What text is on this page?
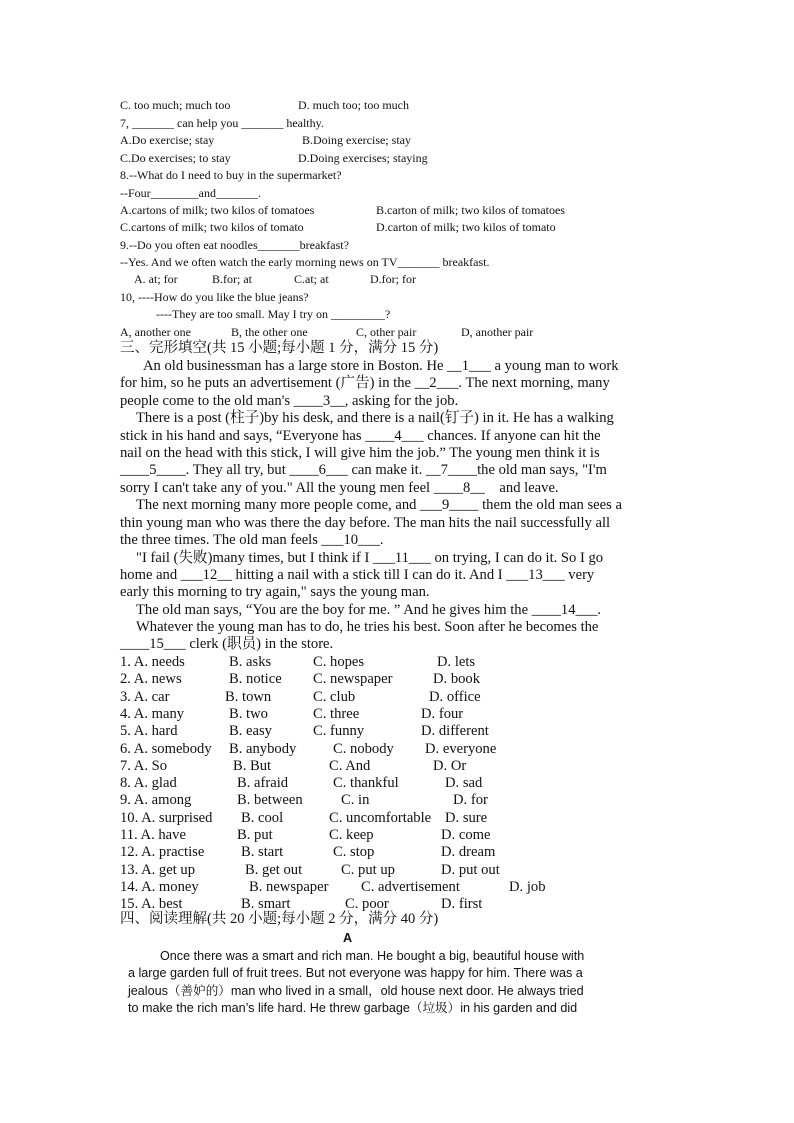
C. too much; much too	D. much too; too much
7, _______ can help you _______ healthy.
A.Do exercise; stay	B.Doing exercise; stay
C.Do exercises; to stay	D.Doing exercises; staying
8.--What do I need to buy in the supermarket?
--Four________and_______.
A.cartons of milk; two kilos of tomatoes	B.carton of milk; two kilos of tomatoes
C.cartons of milk; two kilos of tomato	D.carton of milk; two kilos of tomato
9.--Do you often eat noodles_______breakfast?
--Yes. And we often watch the early morning news on TV_______ breakfast.
A. at; for	B.for; at	C.at; at	D.for; for
10, ----How do you like the blue jeans?
----They are too small. May I try on _________?
A, another one	B, the other one	C, other pair	D, another pair
三、完形填空(共 15 小题;每小题 1 分，满分 15 分)
An old businessman has a large store in Boston. He __1___ a young man to work
for him, so he puts an advertisement (广告) in the __2___. The next morning, many
people come to the old man's ____3__, asking for the job.
There is a post (柱子)by his desk, and there is a nail(钉子) in it. He has a walking
stick in his hand and says, “Everyone has ____4___ chances. If anyone can hit the
nail on the head with this stick, I will give him the job.” The young men think it is
____5____. They all try, but ____6___ can make it. __7____the old man says, "I'm
sorry I can't take any of you." All the young men feel ____8__    and leave.
The next morning many more people come, and ___9____ them the old man sees a
thin young man who was there the day before. The man hits the nail successfully all
the three times. The old man feels ___10___.
"I fail (失败)many times, but I think if I ___11___ on trying, I can do it. So I go
home and ___12__ hitting a nail with a stick till I can do it. And I ___13___ very
early this morning to try again," says the young man.
The old man says, “You are the boy for me. ” And he gives him the ____14___.
Whatever the young man has to do, he tries his best. Soon after he becomes the
____15___ clerk (职员) in the store.
1. A. needs	B. asks	C. hopes	D. lets
2. A. news	B. notice C. newspaper	D. book
3. A. car	B. town	C. club	D. office
4. A. many	B. two	C. three	D. four
5. A. hard	B. easy	C. funny	D. different
6. A. somebody B. anybody	C. nobody D. everyone
7. A. So	B. But	C. And	D. Or
8. A. glad	B. afraid	C. thankful	D. sad
9. A. among	B. between	C. in	D. for
10. A. surprised B. cool	C. uncomfortable D. sure
11. A. have	B. put	C. keep	D. come
12. A. practise	B. start	C. stop	D. dream
13. A. get up	B. get out	C. put up	D. put out
14. A. money	B. newspaper C. advertisement	D. job
15. A. best	B. smart	C. poor	D. first
四、阅读理解(共 20 小题;每小题 2 分，满分 40 分)
A
Once there was a smart and rich man. He bought a big, beautiful house with
a large garden full of fruit trees. But not everyone was happy for him. There was a
jealous（善妒的）man who lived in a small，old house next door. He always tried
to make the rich man’s life hard. He threw garbage（垃圾）in his garden and did
